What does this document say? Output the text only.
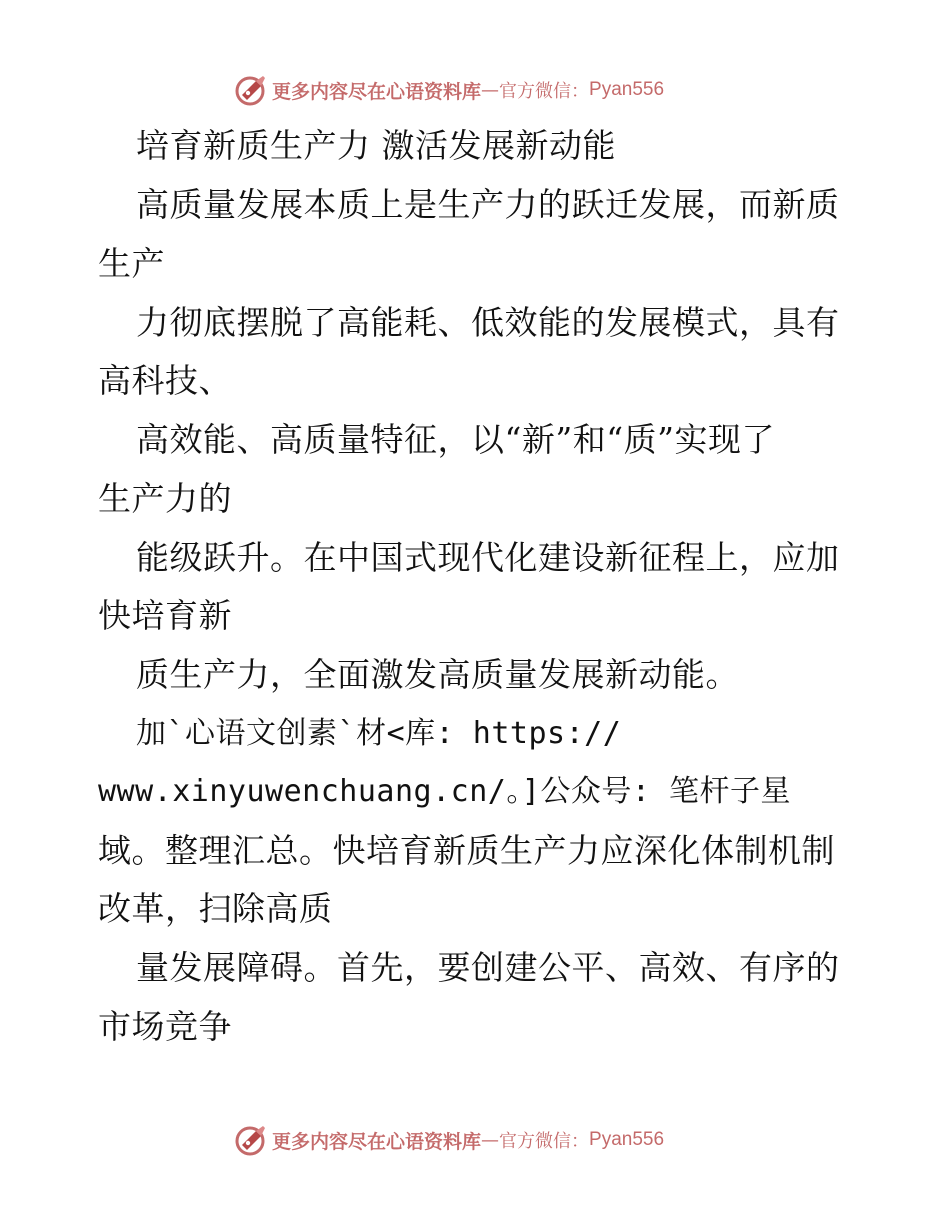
更多内容尽在心语资料库 — 官方微信： Pyan556
培育新质生产力 激活发展新动能
高质量发展本质上是生产力的跃迁发展，而新质
生产
力彻底摆脱了高能耗、低效能的发展模式，具有
高科技、
高效能、高质量特征，以“新”和“质”实现了
生产力的
能级跃升。在中国式现代化建设新征程上，应加
快培育新
质生产力，全面激发高质量发展新动能。
加`心语文创素`材<库: https://
www.xinyuwenchuang.cn/。]公众号: 笔杆子星
域。整理汇总。快培育新质生产力应深化体制机制
改革，扫除高质
量发展障碍。首先，要创建公平、高效、有序的
市场竞争
更多内容尽在心语资料库 — 官方微信： Pyan556
